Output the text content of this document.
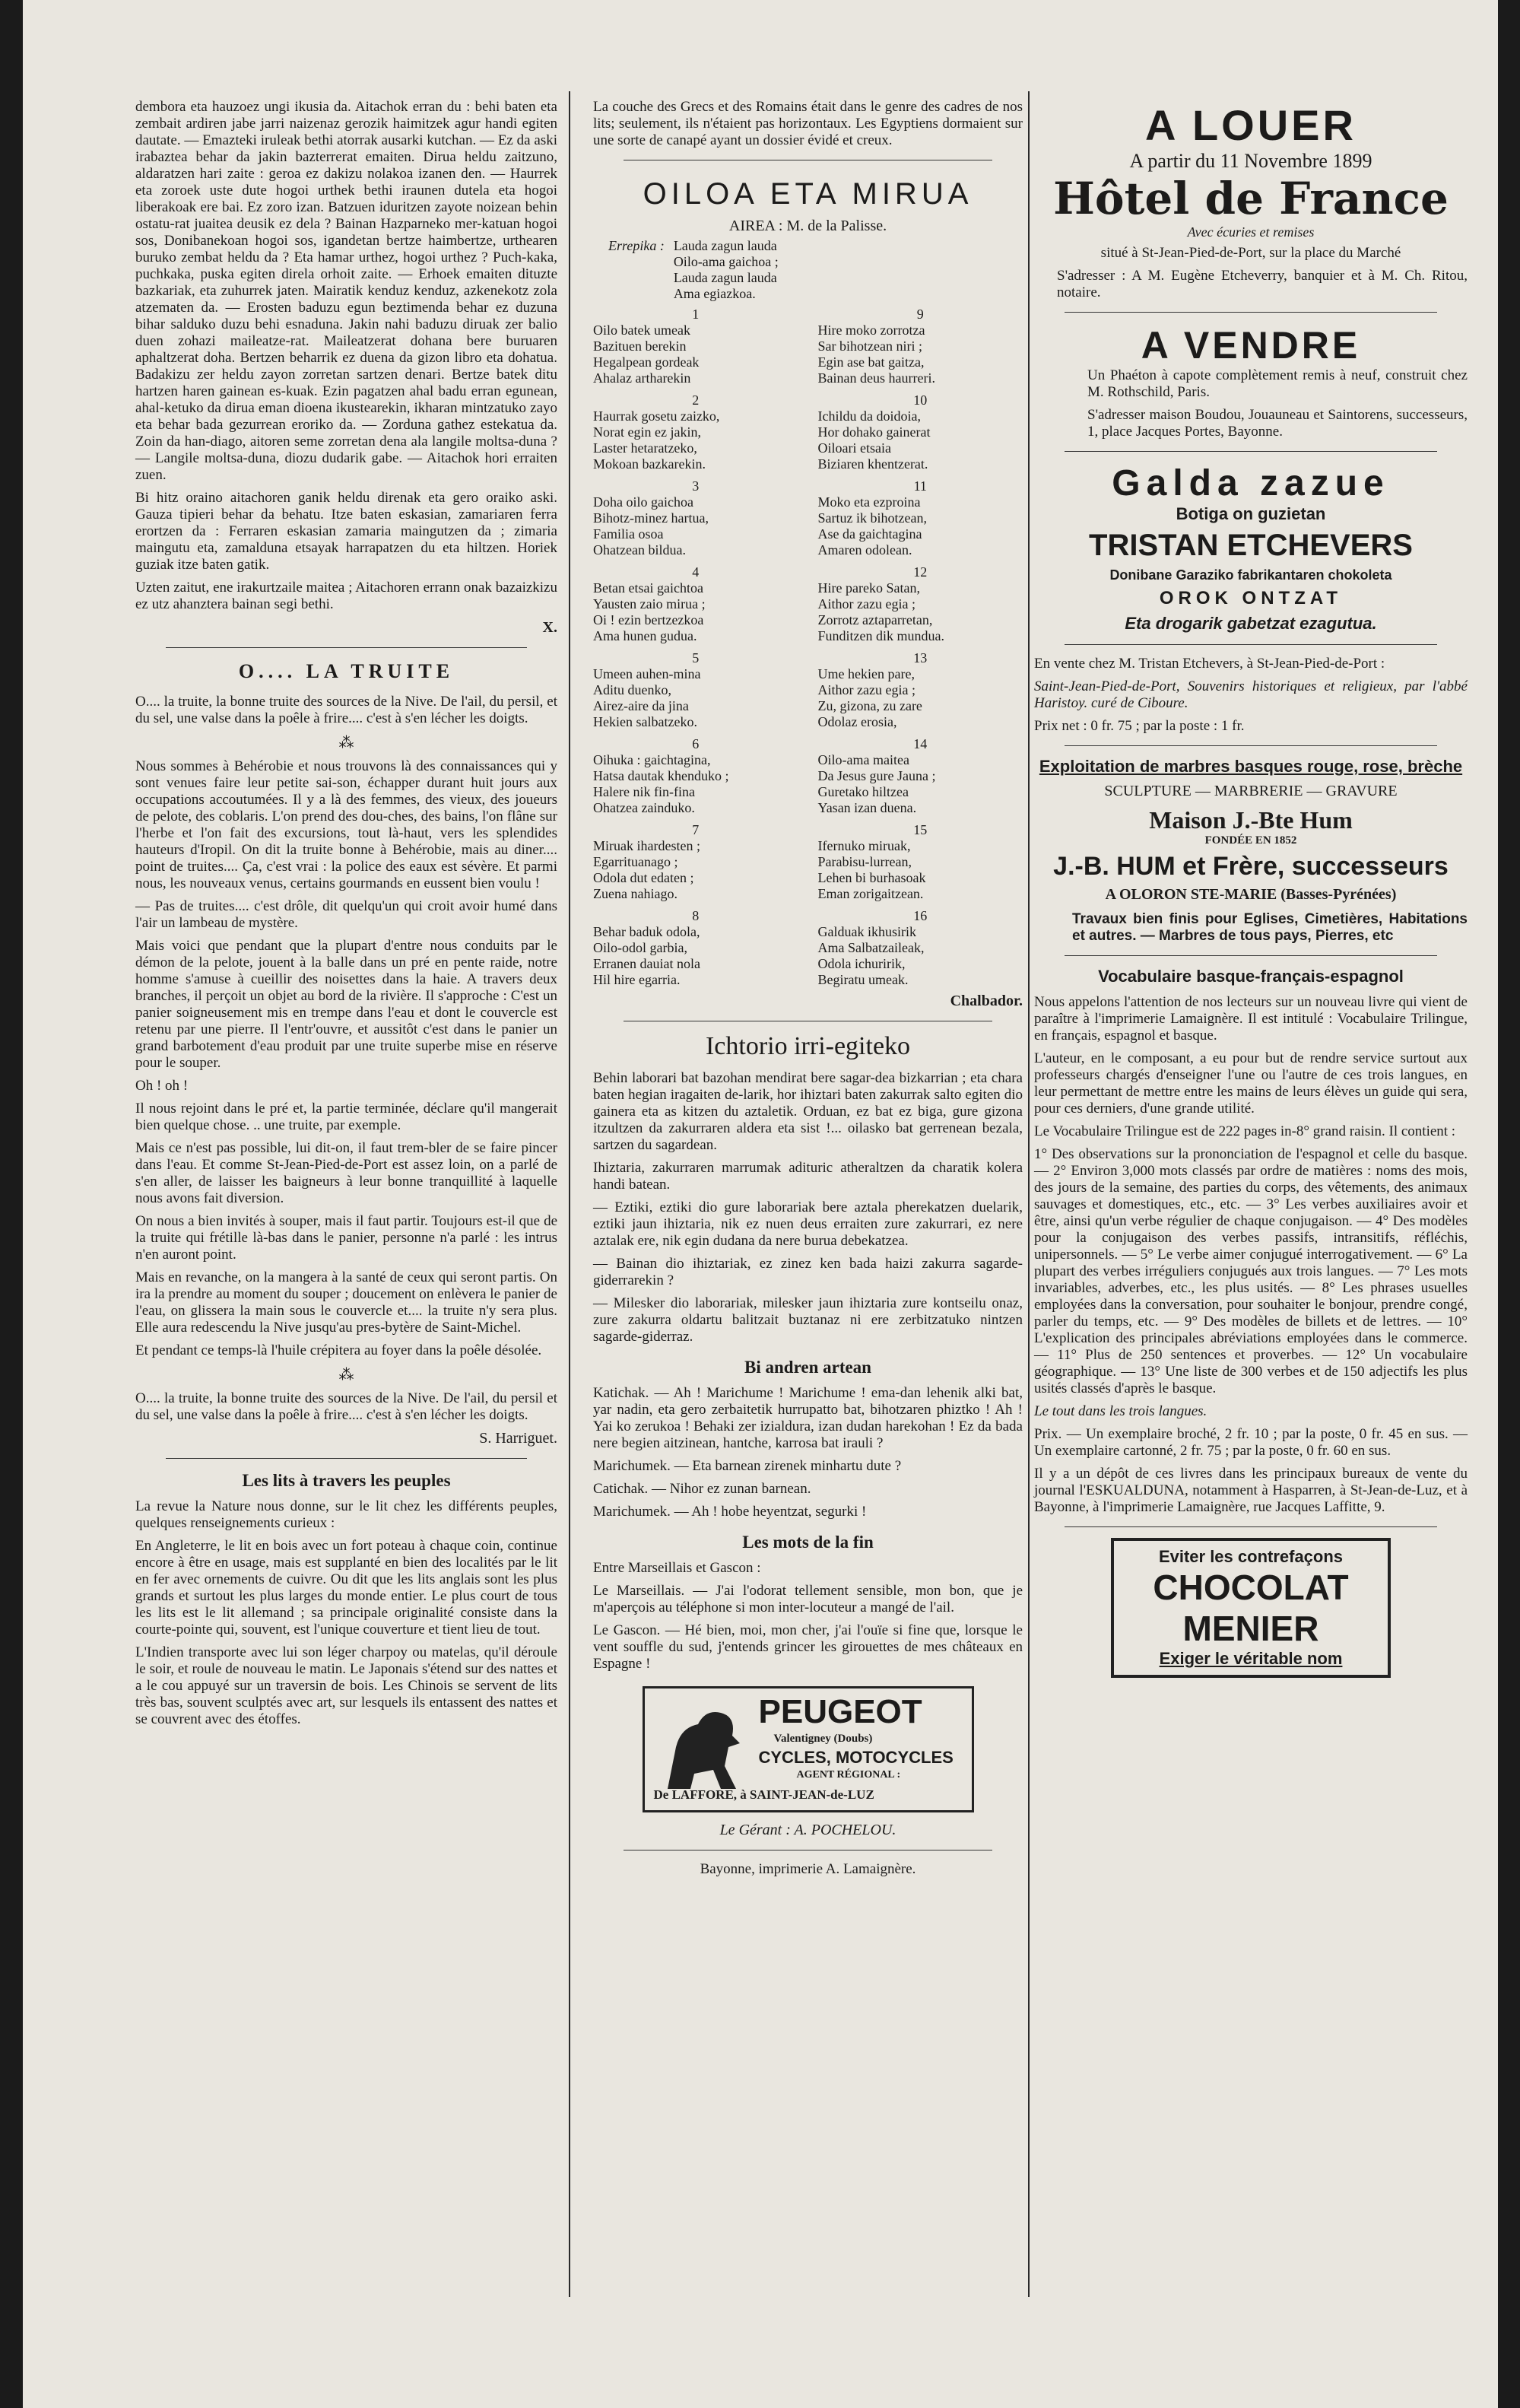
dembora eta hauzoez ungi ikusia da. Aitachok erran du : behi baten eta zembait ardiren jabe jarri naizenaz gerozik haimitzek agur handi egiten dautate. — Emazteki iruleak bethi atorrak ausarki kutchan. — Ez da aski irabaztea behar da jakin bazterrerat emaiten. Dirua heldu zaitzuno, aldaratzen hari zaite : geroa ez dakizu nolakoa izanen den. — Haurrek eta zoroek uste dute hogoi urthek bethi iraunen dutela eta hogoi liberakoak ere bai. Ez zoro izan. Batzuen iduritzen zayote noizean behin ostatu-rat juaitea deusik ez dela ? Bainan Hazparneko mer-katuan hogoi sos, Donibanekoan hogoi sos, igandetan bertze haimbertze, urthearen buruko zembat heldu da ? Eta hamar urthez, hogoi urthez ? Puch-kaka, puchkaka, puska egiten direla orhoit zaite. — Erhoek emaiten dituzte bazkariak, eta zuhurrek jaten. Mairatik kenduz kenduz, azkenekotz zola atzematen da. — Erosten baduzu egun beztimenda behar ez duzuna bihar salduko duzu behi esnaduna. Jakin nahi baduzu diruak zer balio duen zohazi maileatze-rat. Maileatzerat dohana bere buruaren aphaltzerat doha. Bertzen beharrik ez duena da gizon libro eta dohatua. Badakizu zer heldu zayon zorretan sartzen denari. Bertze batek ditu hartzen haren gainean es-kuak. Ezin pagatzen ahal badu erran egunean, ahal-ketuko da dirua eman dioena ikustearekin, ikharan mintzatuko zayo eta behar bada gezurrean eroriko da. — Zorduna gathez estekatua da. Zoin da han-diago, aitoren seme zorretan dena ala langile moltsa-duna ? — Langile moltsa-duna, diozu dudarik gabe. — Aitachok hori erraiten zuen.

Bi hitz oraino aitachoren ganik heldu direnak eta gero oraiko aski. Gauza tipieri behar da behatu. Itze baten eskasian, zamariaren ferra erortzen da : Ferraren eskasian zamaria maingutzen da ; zimaria maingutu eta, zamalduna etsayak harrapatzen du eta hiltzen. Horiek guziak itze baten gatik.

Uzten zaitut, ene irakurtzaile maitea ; Aitachoren errann onak bazaizkizu ez utz ahanztera bainan segi bethi.

X.
O.... LA TRUITE

O.... la truite, la bonne truite des sources de la Nive. De l'ail, du persil, et du sel, une valse dans la poêle à frire.... c'est à s'en lécher les doigts.

⁂

Nous sommes à Behérobie et nous trouvons là des connaissances qui y sont venues faire leur petite sai-son, échapper durant huit jours aux occupations accoutumées. Il y a là des femmes, des vieux, des joueurs de pelote, des coblaris. L'on prend des dou-ches, des bains, l'on flâne sur l'herbe et l'on fait des excursions, tout là-haut, vers les splendides hauteurs d'Iropil. On dit la truite bonne à Behérobie, mais au diner.... point de truites.... Ça, c'est vrai : la police des eaux est sévère. Et parmi nous, les nouveaux venus, certains gourmands en eussent bien voulu !

— Pas de truites.... c'est drôle, dit quelqu'un qui croit avoir humé dans l'air un lambeau de mystère.

Mais voici que pendant que la plupart d'entre nous conduits par le démon de la pelote, jouent à la balle dans un pré en pente raide, notre homme s'amuse à cueillir des noisettes dans la haie. A travers deux branches, il perçoit un objet au bord de la rivière. Il s'approche : C'est un panier soigneusement mis en trempe dans l'eau et dont le couvercle est retenu par une pierre. Il l'entr'ouvre, et aussitôt c'est dans le panier un grand barbotement d'eau produit par une truite superbe mise en réserve pour le souper.

Oh ! oh !

Il nous rejoint dans le pré et, la partie terminée, déclare qu'il mangerait bien quelque chose. .. une truite, par exemple.

Mais ce n'est pas possible, lui dit-on, il faut trem-bler de se faire pincer dans l'eau. Et comme St-Jean-Pied-de-Port est assez loin, on a parlé de s'en aller, de laisser les baigneurs à leur bonne tranquillité à laquelle nous avons fait diversion.

On nous a bien invités à souper, mais il faut partir. Toujours est-il que de la truite qui frétille là-bas dans le panier, personne n'a parlé : les intrus n'en auront point.

Mais en revanche, on la mangera à la santé de ceux qui seront partis. On ira la prendre au moment du souper ; doucement on enlèvera le panier de l'eau, on glissera la main sous le couvercle et.... la truite n'y sera plus. Elle aura redescendu la Nive jusqu'au pres-bytère de Saint-Michel.

Et pendant ce temps-là l'huile crépitera au foyer dans la poêle désolée.

⁂

O.... la truite, la bonne truite des sources de la Nive. De l'ail, du persil et du sel, une valse dans la poêle à frire.... c'est à s'en lécher les doigts.

S. Harriguet.
Les lits à travers les peuples

La revue la Nature nous donne, sur le lit chez les différents peuples, quelques renseignements curieux :

En Angleterre, le lit en bois avec un fort poteau à chaque coin, continue encore à être en usage, mais est supplanté en bien des localités par le lit en fer avec ornements de cuivre. Ou dit que les lits anglais sont les plus grands et surtout les plus larges du monde entier. Le plus court de tous les lits est le lit allemand ; sa principale originalité consiste dans la courte-pointe qui, souvent, est l'unique couverture et tient lieu de tout.

L'Indien transporte avec lui son léger charpoy ou matelas, qu'il déroule le soir, et roule de nouveau le matin. Le Japonais s'étend sur des nattes et a le cou appuyé sur un traversin de bois. Les Chinois se servent de lits très bas, souvent sculptés avec art, sur lesquels ils entassent des nattes et se couvrent avec des étoffes.

La couche des Grecs et des Romains était dans le genre des cadres de nos lits; seulement, ils n'étaient pas horizontaux. Les Egyptiens dormaient sur une sorte de canapé ayant un dossier évidé et creux.

OILOA ETA MIRUA
AIREA : M. de la Palisse.
Errepika : Lauda zagun lauda
Oilo-ama gaichoa ;
Lauda zagun lauda
Ama egiazkoa.
1
Oilo batek umeak
Bazituen berekin
Hegalpean gordeak
Ahalaz artharekin
9
Hire moko zorrotza
Sar bihotzean niri ;
Egin ase bat gaitza,
Bainan deus haurreri.
2
Haurrak gosetu zaizko,
Norat egin ez jakin,
Laster hetaratzeko,
Mokoan bazkarekin.
10
Ichildu da doidoia,
Hor dohako gainerat
Oiloari etsaia
Biziaren khentzerat.
3
Doha oilo gaichoa
Bihotz-minez hartua,
Familia osoa
Ohatzean bildua.
11
Moko eta ezproina
Sartuz ik bihotzean,
Ase da gaichtagina
Amaren odolean.
4
Betan etsai gaichtoa
Yausten zaio mirua ;
Oi ! ezin bertzezkoa
Ama hunen gudua.
12
Hire pareko Satan,
Aithor zazu egia ;
Zorrotz aztaparretan,
Funditzen dik mundua.
5
Umeen auhen-mina
Aditu duenko,
Airez-aire da jina
Hekien salbatzeko.
13
Ume hekien pare,
Aithor zazu egia ;
Zu, gizona, zu zare
Odolaz erosia,
6
Oihuka : gaichtagina,
Hatsa dautak khenduko ;
Halere nik fin-fina
Ohatzea zainduko.
14
Oilo-ama maitea
Da Jesus gure Jauna ;
Guretako hiltzea
Yasan izan duena.
7
Miruak ihardesten ;
Egarrituanago ;
Odola dut edaten ;
Zuena nahiago.
15
Ifernuko miruak,
Parabisu-lurrean,
Lehen bi burhasoak
Eman zorigaitzean.
8
Behar baduk odola,
Oilo-odol garbia,
Erranen dauiat nola
Hil hire egarria.
16
Galduak ikhusirik
Ama Salbatzaileak,
Odola ichuririk,
Begiratu umeak.
Chalbador.
Ichtorio irri-egiteko

Behin laborari bat bazohan mendirat bere sagar-dea bizkarrian ; eta chara baten hegian iragaiten de-larik, hor ihiztari baten zakurrak salto egiten dio gainera eta as kitzen du aztaletik. Orduan, ez bat ez biga, gure gizona itzultzen da zakurraren aldera eta sist !... oilasko bat gerrenean bezala, sartzen du sagardean.

Ihiztaria, zakurraren marrumak adituric atheraltzen da charatik kolera handi batean.

— Eztiki, eztiki dio gure laborariak bere aztala pherekatzen duelarik, eztiki jaun ihiztaria, nik ez nuen deus erraiten zure zakurrari, ez nere aztalak ere, nik egin dudana da nere burua debekatzea.

— Bainan dio ihiztariak, ez zinez ken bada haizi zakurra sagarde-giderrarekin ?

— Milesker dio laborariak, milesker jaun ihiztaria zure kontseilu onaz, zure zakurra oldartu balitzait buztanaz ni ere zerbitzatuko nintzen sagarde-giderraz.

Bi andren artean

Katichak. — Ah ! Marichume ! Marichume ! ema-dan lehenik alki bat, yar nadin, eta gero zerbaitetik hurrupatto bat, bihotzaren phiztko ! Ah ! Yai ko zerukoa ! Behaki zer izialdura, izan dudan harekohan ! Ez da bada nere begien aitzinean, hantche, karrosa bat irauli ?

Marichumek. — Eta barnean zirenek minhartu dute ?

Catichak. — Nihor ez zunan barnean.

Marichumek. — Ah ! hobe heyentzat, segurki !

Les mots de la fin

Entre Marseillais et Gascon :

Le Marseillais. — J'ai l'odorat tellement sensible, mon bon, que je m'aperçois au téléphone si mon inter-locuteur a mangé de l'ail.

Le Gascon. — Hé bien, moi, mon cher, j'ai l'ouïe si fine que, lorsque le vent souffle du sud, j'entends grincer les girouettes de mes châteaux en Espagne !

PEUGEOT
Valentigney (Doubs)
CYCLES, MOTOCYCLES
AGENT RÉGIONAL :
De LAFFORE, à SAINT-JEAN-de-LUZ
Le Gérant : A. POCHELOU.
Bayonne, imprimerie A. Lamaignère.
A LOUER
A partir du 11 Novembre 1899
Hôtel de France
Avec écuries et remises

situé à St-Jean-Pied-de-Port, sur la place du Marché

S'adresser : A M. Eugène Etcheverry, banquier et à M. Ch. Ritou, notaire.

A VENDRE

Un Phaéton à capote complètement remis à neuf, construit chez M. Rothschild, Paris.

S'adresser maison Boudou, Jouauneau et Saintorens, successeurs, 1, place Jacques Portes, Bayonne.

Galda zazue
Botiga on guzietan
TRISTAN ETCHEVERS
Donibane Garaziko fabrikantaren chokoleta
OROK ONTZAT
Eta drogarik gabetzat ezagutua.

En vente chez M. Tristan Etchevers, à St-Jean-Pied-de-Port :

Saint-Jean-Pied-de-Port, Souvenirs historiques et religieux, par l'abbé Haristoy. curé de Ciboure.

Prix net : 0 fr. 75 ; par la poste : 1 fr.

Exploitation de marbres basques rouge, rose, brèche
SCULPTURE — MARBRERIE — GRAVURE
Maison J.-Bte Hum
FONDÉE EN 1852
J.-B. HUM et Frère, successeurs
A OLORON STE-MARIE (Basses-Pyrénées)

Travaux bien finis pour Eglises, Cimetières, Habitations et autres. — Marbres de tous pays, Pierres, etc

Vocabulaire basque-français-espagnol

Nous appelons l'attention de nos lecteurs sur un nouveau livre qui vient de paraître à l'imprimerie Lamaignère. Il est intitulé : Vocabulaire Trilingue, en français, espagnol et basque.

L'auteur, en le composant, a eu pour but de rendre service surtout aux professeurs chargés d'enseigner l'une ou l'autre de ces trois langues, en leur permettant de mettre entre les mains de leurs élèves un guide qui sera, pour ces derniers, d'une grande utilité.

Le Vocabulaire Trilingue est de 222 pages in-8° grand raisin. Il contient :

1° Des observations sur la prononciation de l'espagnol et celle du basque. — 2° Environ 3,000 mots classés par ordre de matières : noms des mois, des jours de la semaine, des parties du corps, des vêtements, des animaux sauvages et domestiques, etc., etc. — 3° Les verbes auxiliaires avoir et être, ainsi qu'un verbe régulier de chaque conjugaison. — 4° Des modèles pour la conjugaison des verbes passifs, intransitifs, réfléchis, unipersonnels. — 5° Le verbe aimer conjugué interrogativement. — 6° La plupart des verbes irréguliers conjugués aux trois langues. — 7° Les mots invariables, adverbes, etc., les plus usités. — 8° Les phrases usuelles employées dans la conversation, pour souhaiter le bonjour, prendre congé, parler du temps, etc. — 9° Des modèles de billets et de lettres. — 10° L'explication des principales abréviations employées dans le commerce. — 11° Plus de 250 sentences et proverbes. — 12° Un vocabulaire géographique. — 13° Une liste de 300 verbes et de 150 adjectifs les plus usités classés d'après le basque.

Le tout dans les trois langues.

Prix. — Un exemplaire broché, 2 fr. 10 ; par la poste, 0 fr. 45 en sus. — Un exemplaire cartonné, 2 fr. 75 ; par la poste, 0 fr. 60 en sus.

Il y a un dépôt de ces livres dans les principaux bureaux de vente du journal l'ESKUALDUNA, notamment à Hasparren, à St-Jean-de-Luz, et à Bayonne, à l'imprimerie Lamaignère, rue Jacques Laffitte, 9.

Eviter les contrefaçons
CHOCOLAT
MENIER
Exiger le véritable nom
